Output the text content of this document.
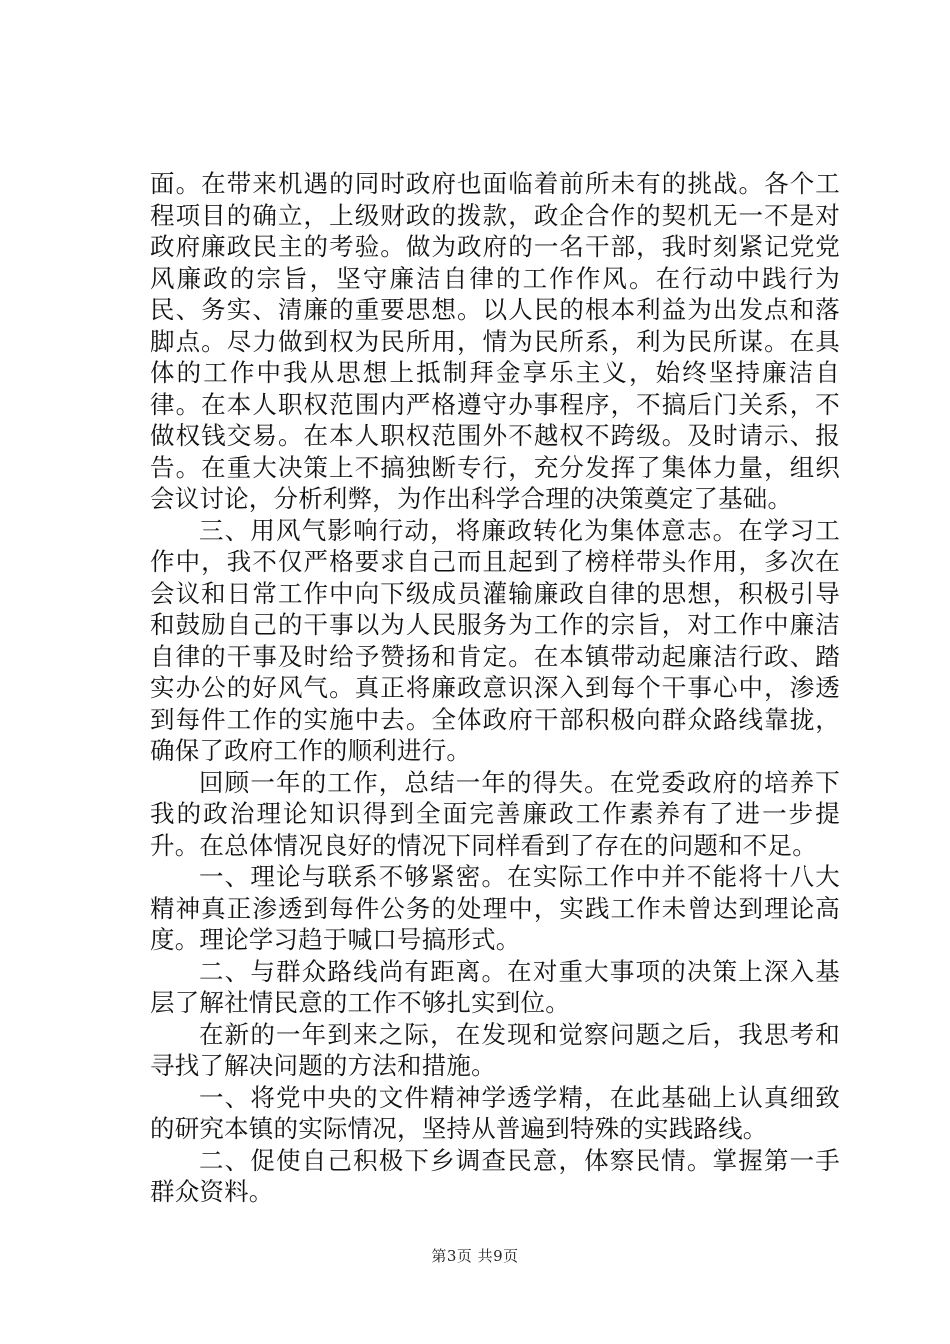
面。在带来机遇的同时政府也面临着前所未有的挑战。各个工程项目的确立，上级财政的拨款，政企合作的契机无一不是对政府廉政民主的考验。做为政府的一名干部，我时刻紧记党党风廉政的宗旨，坚守廉洁自律的工作作风。在行动中践行为民、务实、清廉的重要思想。以人民的根本利益为出发点和落脚点。尽力做到权为民所用，情为民所系，利为民所谋。在具体的工作中我从思想上抵制拜金享乐主义，始终坚持廉洁自律。在本人职权范围内严格遵守办事程序，不搞后门关系，不做权钱交易。在本人职权范围外不越权不跨级。及时请示、报告。在重大决策上不搞独断专行，充分发挥了集体力量，组织会议讨论，分析利弊，为作出科学合理的决策奠定了基础。

三、用风气影响行动，将廉政转化为集体意志。在学习工作中，我不仅严格要求自己而且起到了榜样带头作用，多次在会议和日常工作中向下级成员灌输廉政自律的思想，积极引导和鼓励自己的干事以为人民服务为工作的宗旨，对工作中廉洁自律的干事及时给予赞扬和肯定。在本镇带动起廉洁行政、踏实办公的好风气。真正将廉政意识深入到每个干事心中，渗透到每件工作的实施中去。全体政府干部积极向群众路线靠拢，确保了政府工作的顺利进行。

回顾一年的工作，总结一年的得失。在党委政府的培养下我的政治理论知识得到全面完善廉政工作素养有了进一步提升。在总体情况良好的情况下同样看到了存在的问题和不足。

一、理论与联系不够紧密。在实际工作中并不能将十八大精神真正渗透到每件公务的处理中，实践工作未曾达到理论高度。理论学习趋于喊口号搞形式。

二、与群众路线尚有距离。在对重大事项的决策上深入基层了解社情民意的工作不够扎实到位。

在新的一年到来之际，在发现和觉察问题之后，我思考和寻找了解决问题的方法和措施。

一、将党中央的文件精神学透学精，在此基础上认真细致的研究本镇的实际情况，坚持从普遍到特殊的实践路线。

二、促使自己积极下乡调查民意，体察民情。掌握第一手群众资料。

第3页 共9页
